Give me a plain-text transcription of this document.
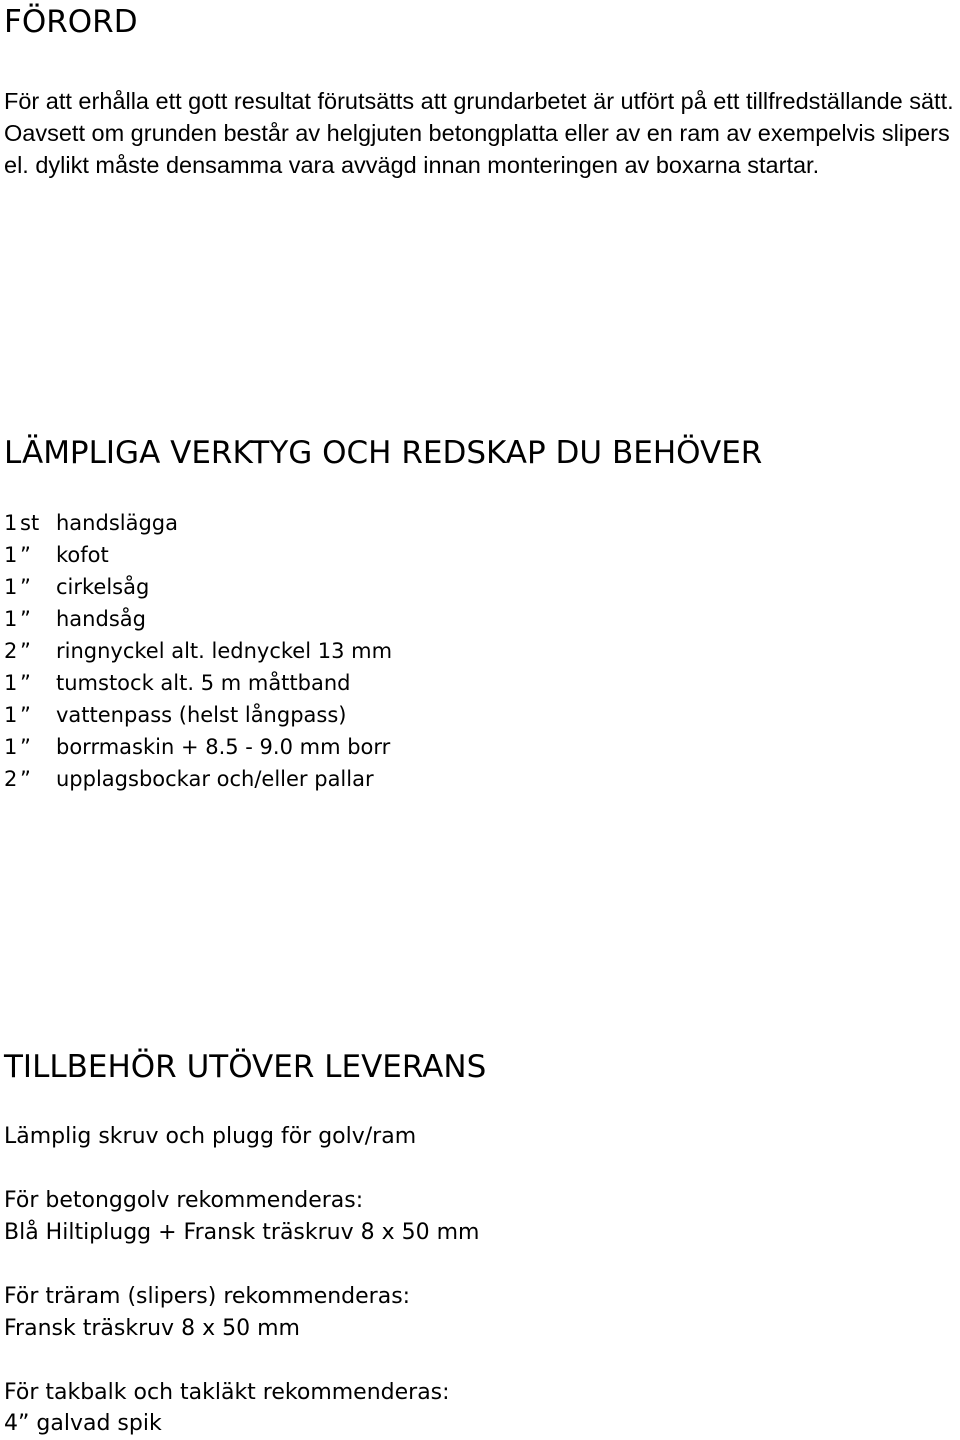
FÖRORD

För att erhålla ett gott resultat förutsätts att grundarbetet är utfört på ett tillfredställande sätt. Oavsett om grunden består av helgjuten betongplatta eller av en ram av exempelvis slipers el. dylikt måste densamma vara avvägd innan monteringen av boxarna startar.

LÄMPLIGA VERKTYG OCH REDSKAP DU BEHÖVER
1 st handslägga
1 ”	kofot
1 ”	cirkelsåg
1 ”	handsåg
2 ”	ringnyckel alt. lednyckel 13 mm
1 ”	tumstock alt. 5 m måttband
1 ”	vattenpass (helst långpass)
1 ”	borrmaskin + 8.5 - 9.0 mm borr
2 ”	upplagsbockar och/eller pallar
TILLBEHÖR UTÖVER LEVERANS

Lämplig skruv och plugg för golv/ram

För betonggolv rekommenderas:

Blå Hiltiplugg + Fransk träskruv 8 x 50 mm

För träram (slipers) rekommenderas:

Fransk träskruv 8 x 50 mm

För takbalk och takläkt rekommenderas:

4” galvad spik
